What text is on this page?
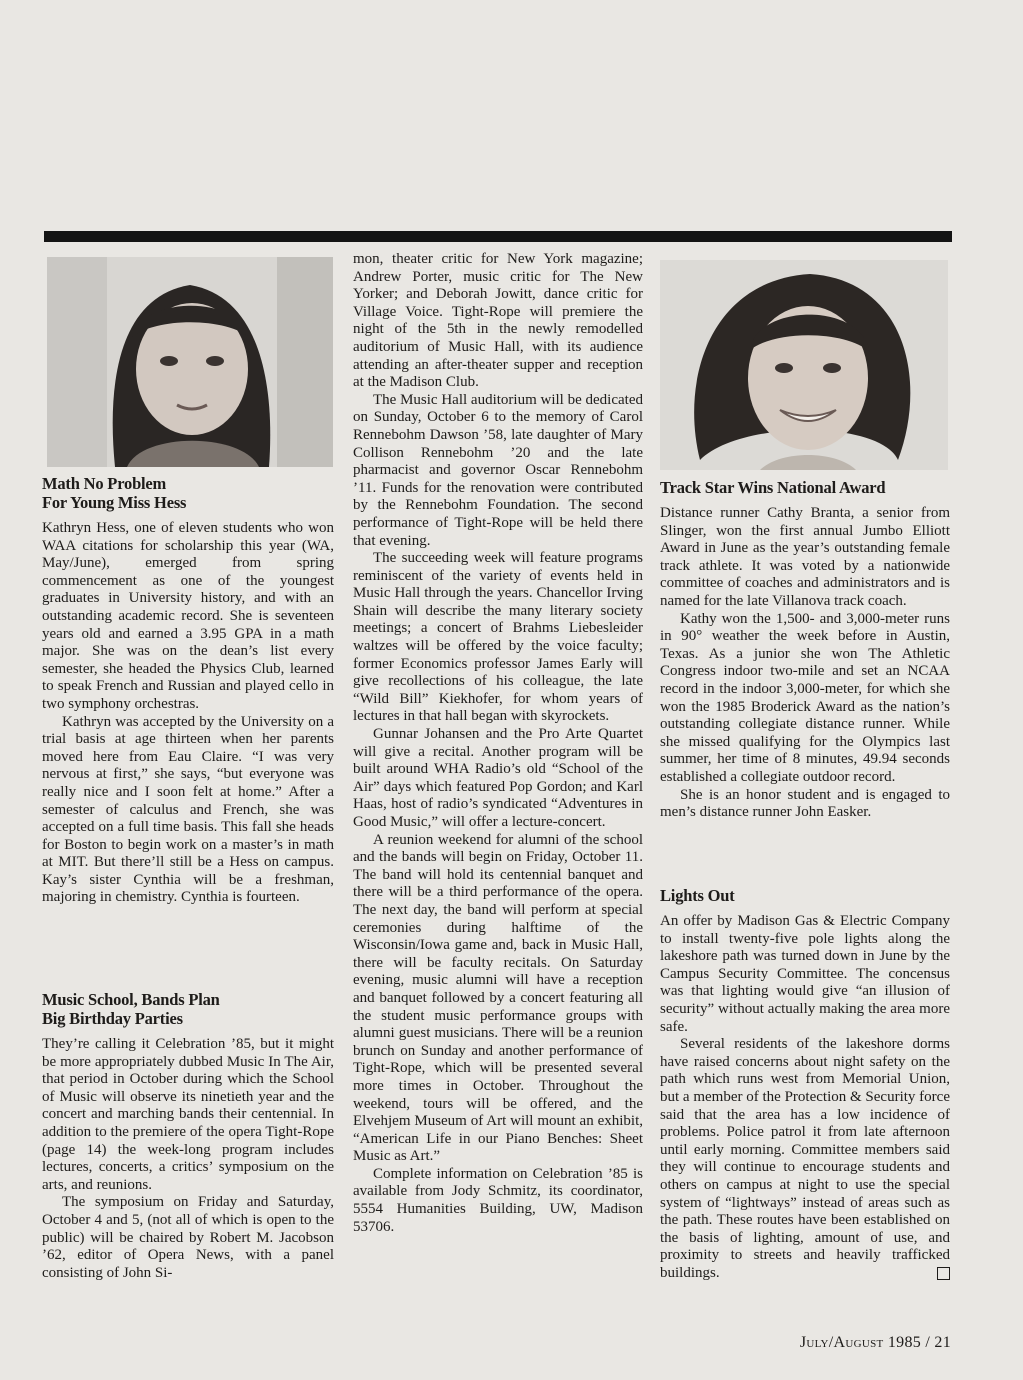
Math No Problem
For Young Miss Hess

Kathryn Hess, one of eleven students who won WAA citations for scholarship this year (WA, May/June), emerged from spring commencement as one of the youngest graduates in University history, and with an outstanding academic record. She is seventeen years old and earned a 3.95 GPA in a math major. She was on the dean’s list every semester, she headed the Physics Club, learned to speak French and Russian and played cello in two symphony orchestras.

Kathryn was accepted by the University on a trial basis at age thirteen when her parents moved here from Eau Claire. “I was very nervous at first,” she says, “but everyone was really nice and I soon felt at home.” After a semester of calculus and French, she was accepted on a full time basis. This fall she heads for Boston to begin work on a master’s in math at MIT. But there’ll still be a Hess on campus. Kay’s sister Cynthia will be a freshman, majoring in chemistry. Cynthia is fourteen.

Music School, Bands Plan
Big Birthday Parties

They’re calling it Celebration ’85, but it might be more appropriately dubbed Music In The Air, that period in October during which the School of Music will observe its ninetieth year and the concert and marching bands their centennial. In addition to the premiere of the opera Tight-Rope (page 14) the week-long program includes lectures, concerts, a critics’ symposium on the arts, and reunions.

The symposium on Friday and Saturday, October 4 and 5, (not all of which is open to the public) will be chaired by Robert M. Jacobson ’62, editor of Opera News, with a panel consisting of John Si-

mon, theater critic for New York magazine; Andrew Porter, music critic for The New Yorker; and Deborah Jowitt, dance critic for Village Voice. Tight-Rope will premiere the night of the 5th in the newly remodelled auditorium of Music Hall, with its audience attending an after-theater supper and reception at the Madison Club.

The Music Hall auditorium will be dedicated on Sunday, October 6 to the memory of Carol Rennebohm Dawson ’58, late daughter of Mary Collison Rennebohm ’20 and the late pharmacist and governor Oscar Rennebohm ’11. Funds for the renovation were contributed by the Rennebohm Foundation. The second performance of Tight-Rope will be held there that evening.

The succeeding week will feature programs reminiscent of the variety of events held in Music Hall through the years. Chancellor Irving Shain will describe the many literary society meetings; a concert of Brahms Liebesleider waltzes will be offered by the voice faculty; former Economics professor James Early will give recollections of his colleague, the late “Wild Bill” Kiekhofer, for whom years of lectures in that hall began with skyrockets.

Gunnar Johansen and the Pro Arte Quartet will give a recital. Another program will be built around WHA Radio’s old “School of the Air” days which featured Pop Gordon; and Karl Haas, host of radio’s syndicated “Adventures in Good Music,” will offer a lecture-concert.

A reunion weekend for alumni of the school and the bands will begin on Friday, October 11. The band will hold its centennial banquet and there will be a third performance of the opera. The next day, the band will perform at special ceremonies during halftime of the Wisconsin/Iowa game and, back in Music Hall, there will be faculty recitals. On Saturday evening, music alumni will have a reception and banquet followed by a concert featuring all the student music performance groups with alumni guest musicians. There will be a reunion brunch on Sunday and another performance of Tight-Rope, which will be presented several more times in October. Throughout the weekend, tours will be offered, and the Elvehjem Museum of Art will mount an exhibit, “American Life in our Piano Benches: Sheet Music as Art.”

Complete information on Celebration ’85 is available from Jody Schmitz, its coordinator, 5554 Humanities Building, UW, Madison 53706.

Track Star Wins National Award

Distance runner Cathy Branta, a senior from Slinger, won the first annual Jumbo Elliott Award in June as the year’s outstanding female track athlete. It was voted by a nationwide committee of coaches and administrators and is named for the late Villanova track coach.

Kathy won the 1,500- and 3,000-meter runs in 90° weather the week before in Austin, Texas. As a junior she won The Athletic Congress indoor two-mile and set an NCAA record in the indoor 3,000-meter, for which she won the 1985 Broderick Award as the nation’s outstanding collegiate distance runner. While she missed qualifying for the Olympics last summer, her time of 8 minutes, 49.94 seconds established a collegiate outdoor record.

She is an honor student and is engaged to men’s distance runner John Easker.

Lights Out

An offer by Madison Gas & Electric Company to install twenty-five pole lights along the lakeshore path was turned down in June by the Campus Security Committee. The concensus was that lighting would give “an illusion of security” without actually making the area more safe.

Several residents of the lakeshore dorms have raised concerns about night safety on the path which runs west from Memorial Union, but a member of the Protection & Security force said that the area has a low incidence of problems. Police patrol it from late afternoon until early morning. Committee members said they will continue to encourage students and others on campus at night to use the special system of “lightways” instead of areas such as the path. These routes have been established on the basis of lighting, amount of use, and proximity to streets and heavily trafficked buildings.

July/August 1985 / 21
